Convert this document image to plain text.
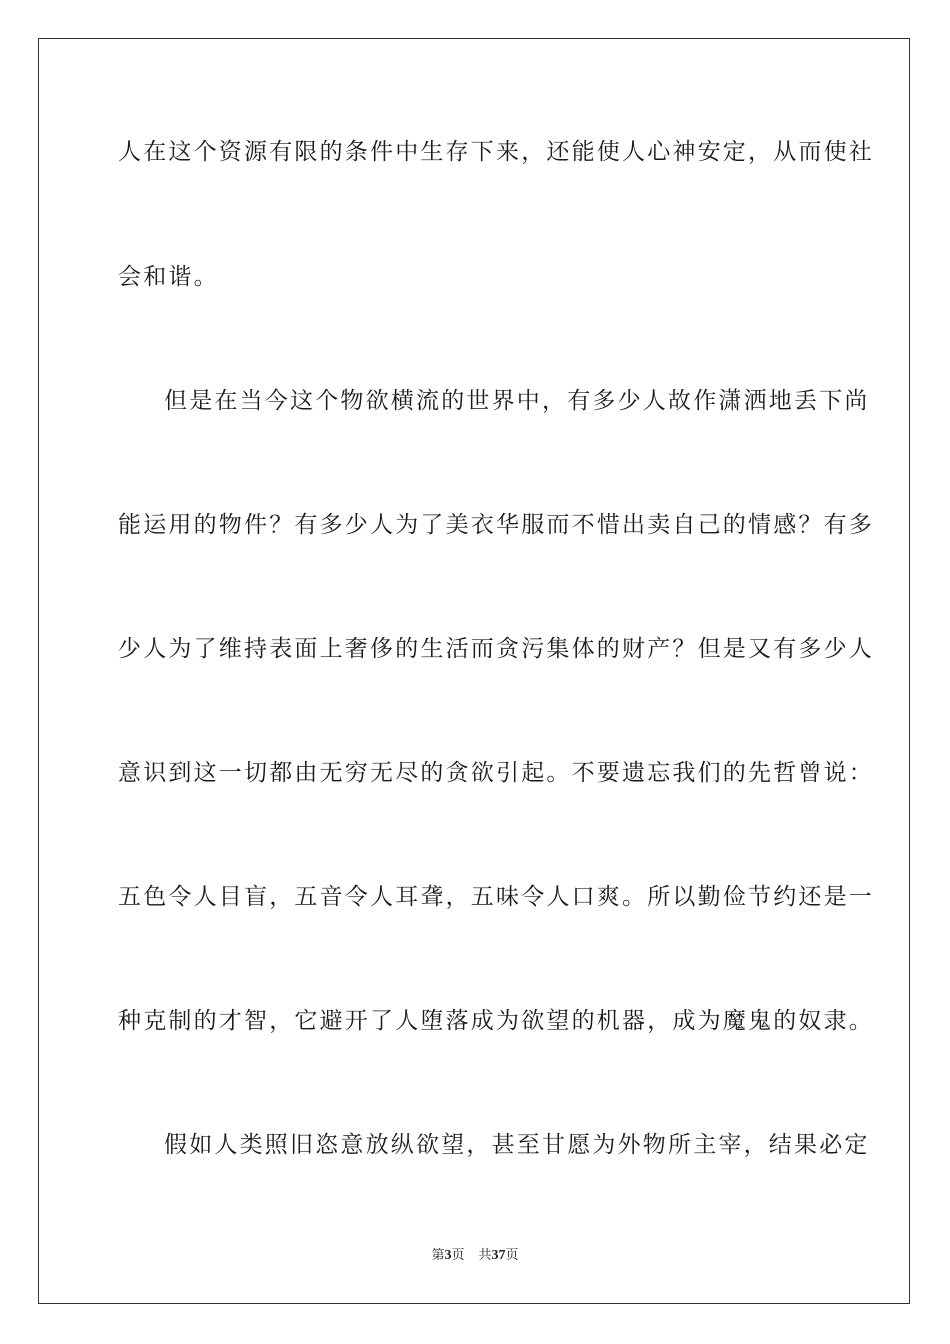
人在这个资源有限的条件中生存下来，还能使人心神安定，从而使社
会和谐。
但是在当今这个物欲横流的世界中，有多少人故作潇洒地丢下尚
能运用的物件？有多少人为了美衣华服而不惜出卖自己的情感？有多
少人为了维持表面上奢侈的生活而贪污集体的财产？但是又有多少人
意识到这一切都由无穷无尽的贪欲引起。不要遗忘我们的先哲曾说：
五色令人目盲，五音令人耳聋，五味令人口爽。所以勤俭节约还是一
种克制的才智，它避开了人堕落成为欲望的机器，成为魔鬼的奴隶。
假如人类照旧恣意放纵欲望，甚至甘愿为外物所主宰，结果必定
第3页 共37页
